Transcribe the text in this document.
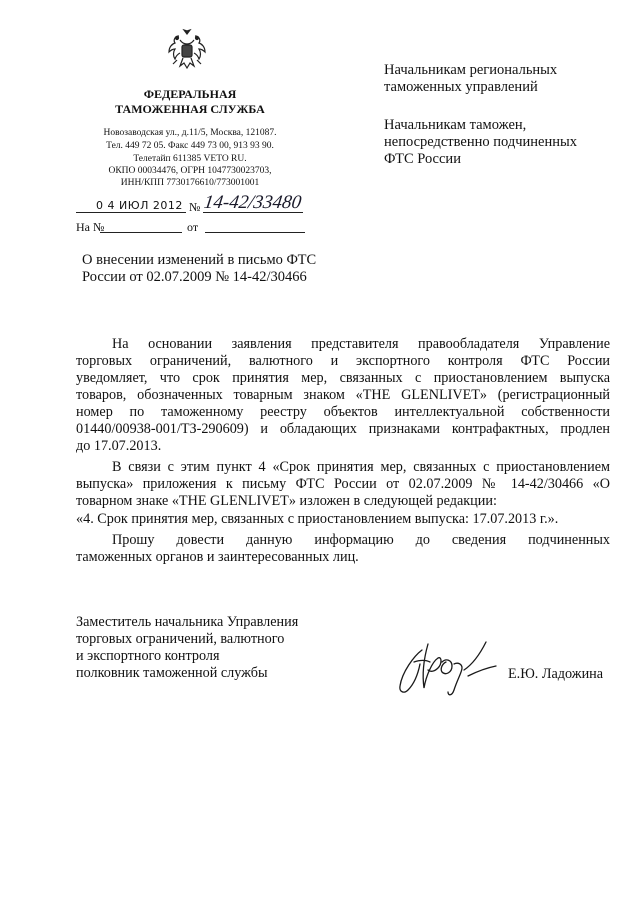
ФЕДЕРАЛЬНАЯ
ТАМОЖЕННАЯ СЛУЖБА
Новозаводская ул., д.11/5, Москва, 121087.
Тел. 449 72 05. Факс 449 73 00, 913 93 90.
Телетайп 611385 VETO RU.
ОКПО 00034476, ОГРН 1047730023703,
ИНН/КПП 7730176610/773001001
0 4 ИЮЛ 2012 № 14-42/33480
На №	от
Начальникам региональных
таможенных управлений
Начальникам таможен,
непосредственно подчиненных
ФТС России
О внесении изменений в письмо ФТС
России от 02.07.2009 № 14-42/30466
На основании заявления представителя правообладателя Управление
торговых ограничений, валютного и экспортного контроля ФТС России
уведомляет, что срок принятия мер, связанных с приостановлением выпуска
товаров, обозначенных товарным знаком «THE GLENLIVET» (регистрационный
номер по таможенному реестру объектов интеллектуальной собственности
01440/00938-001/ТЗ-290609) и обладающих признаками контрафактных, продлен
до 17.07.2013.
В связи с этим пункт 4 «Срок принятия мер, связанных с приостановлением
выпуска» приложения к письму ФТС России от 02.07.2009 № 14-42/30466 «О
товарном знаке «THE GLENLIVET» изложен в следующей редакции:
«4. Срок принятия мер, связанных с приостановлением выпуска: 17.07.2013 г.».
Прошу довести данную информацию до сведения подчиненных
таможенных органов и заинтересованных лиц.
Заместитель начальника Управления
торговых ограничений, валютного
и экспортного контроля
полковник таможенной службы	Е.Ю. Ладожина
